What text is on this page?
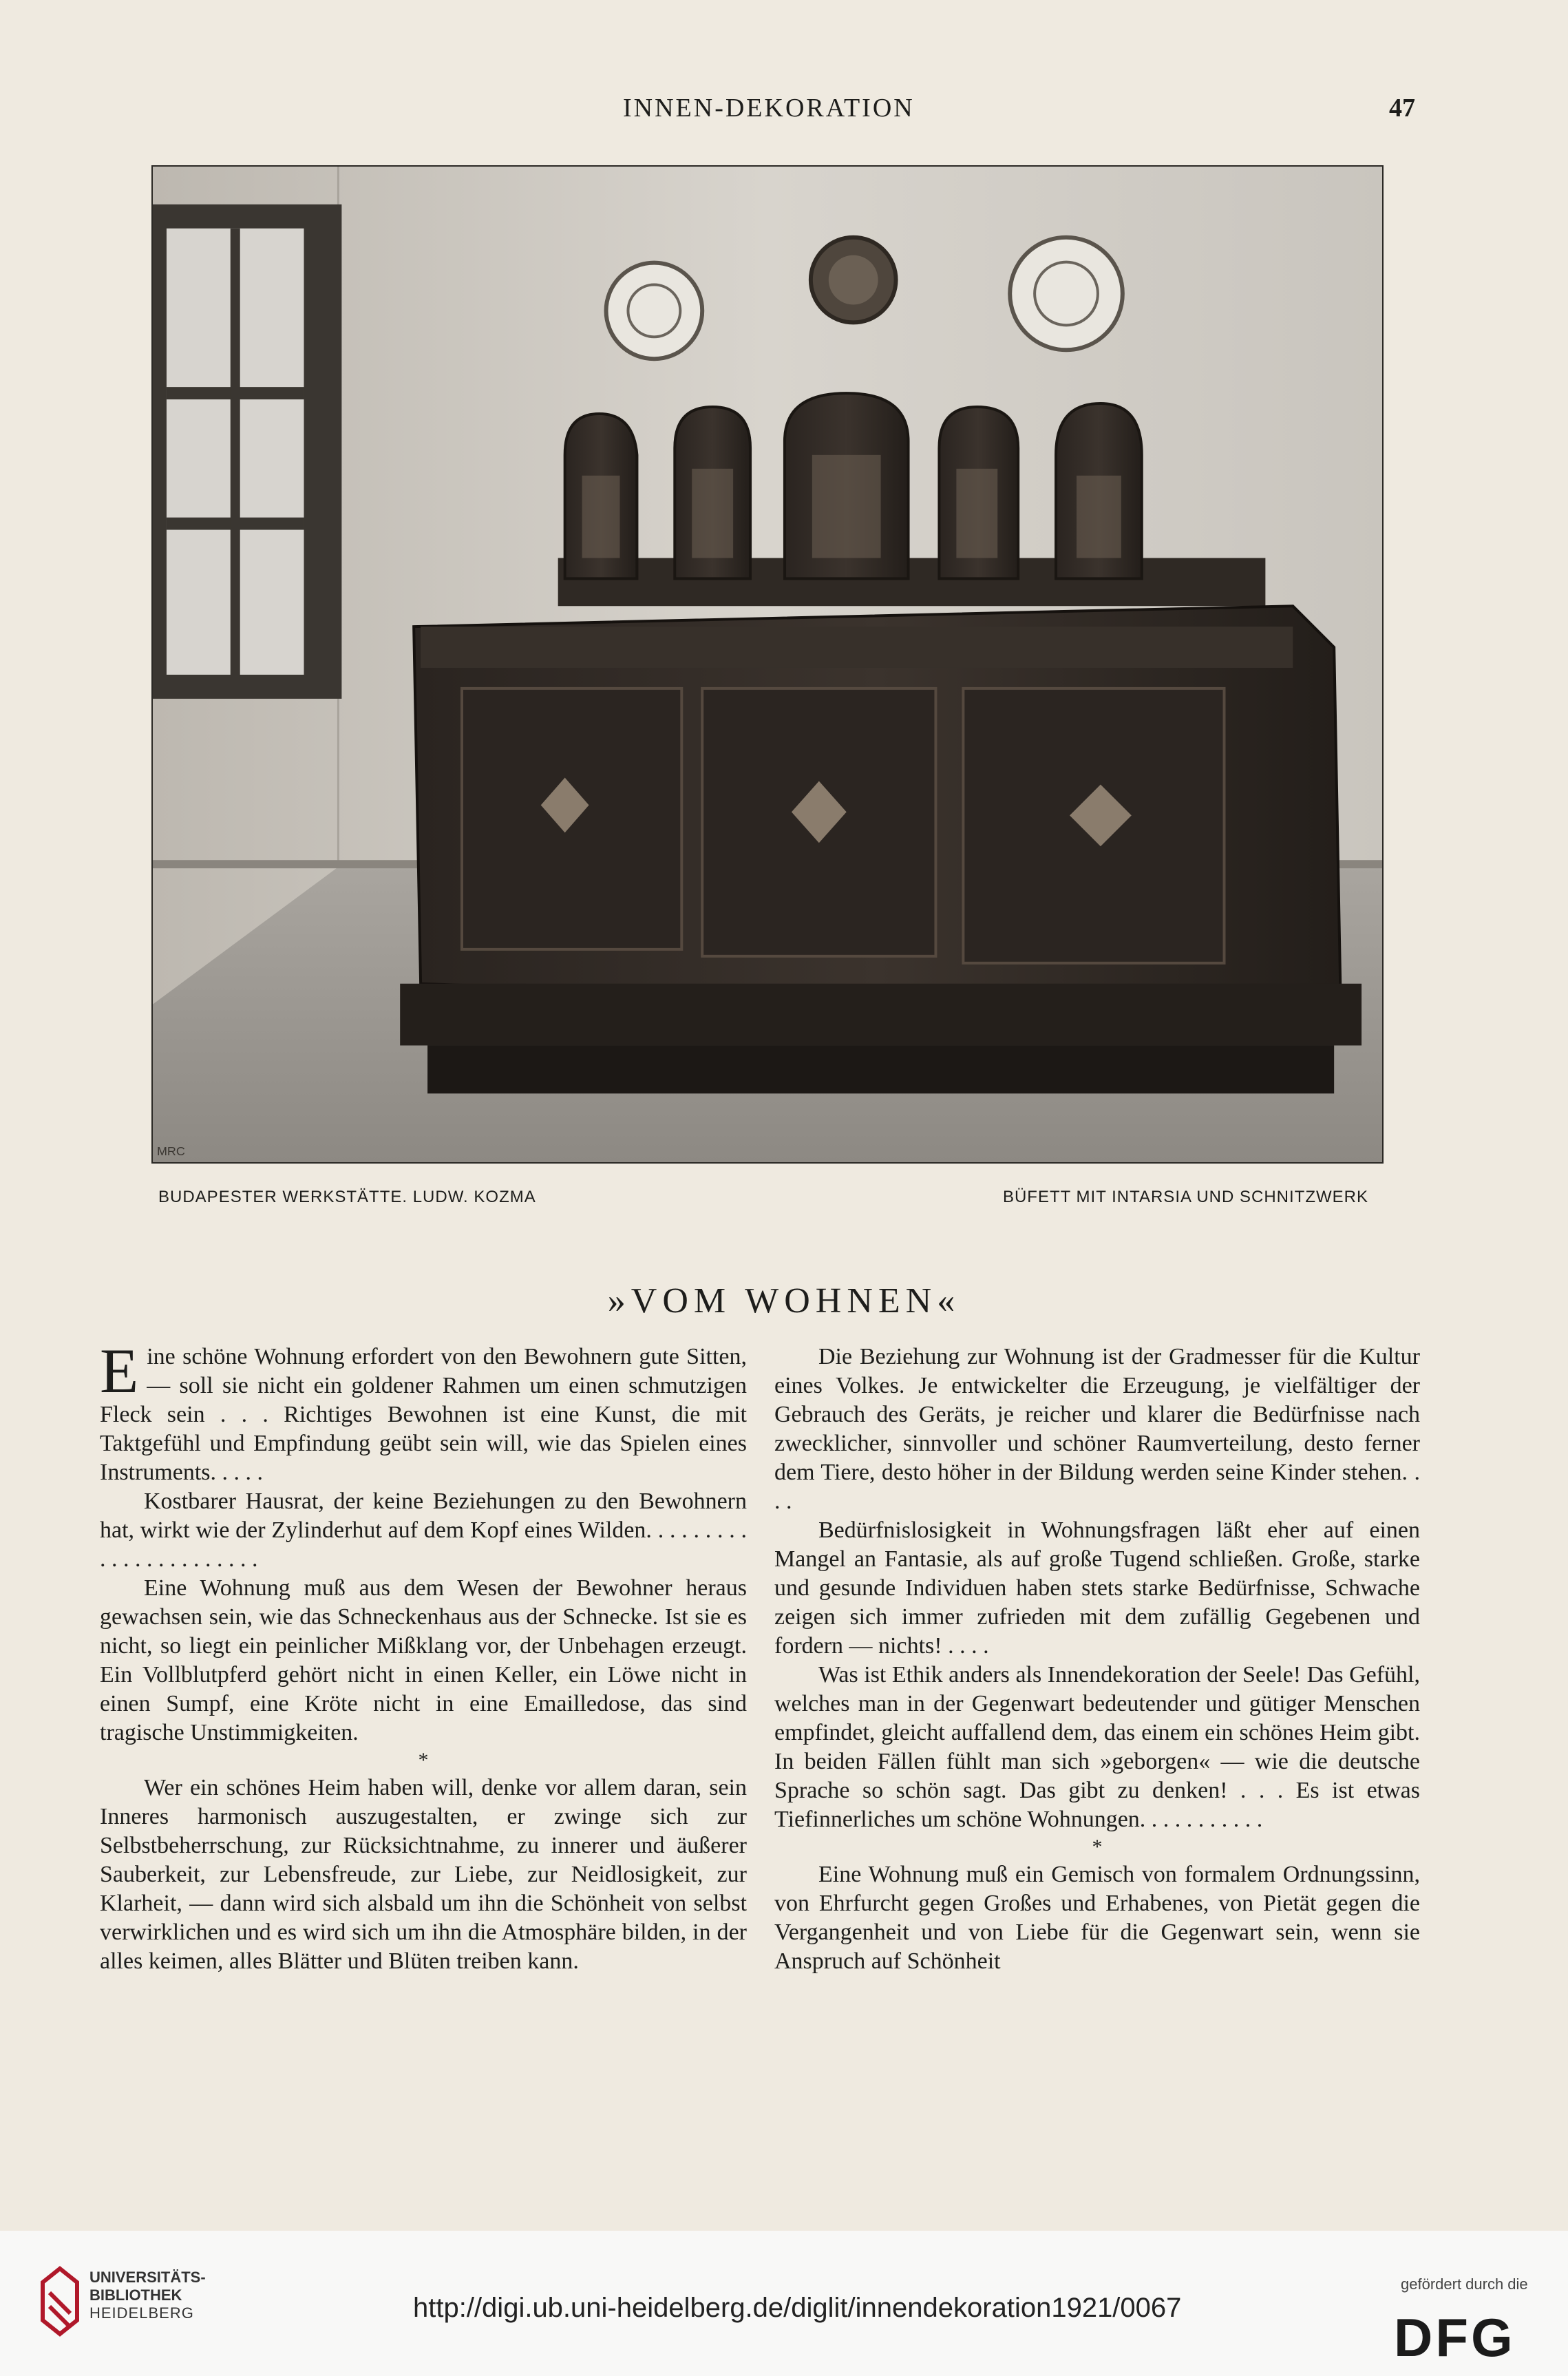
INNEN-DEKORATION	47
MRC
BUDAPESTER WERKSTÄTTE. LUDW. KOZMA	BÜFETT MIT INTARSIA UND SCHNITZWERK
»VOM WOHNEN«

Eine schöne Wohnung erfordert von den Bewohnern gute Sitten, — soll sie nicht ein goldener Rahmen um einen schmutzigen Fleck sein . . . Richtiges Bewohnen ist eine Kunst, die mit Taktgefühl und Empfindung geübt sein will, wie das Spielen eines Instruments. . . . .

Kostbarer Hausrat, der keine Beziehungen zu den Bewohnern hat, wirkt wie der Zylinderhut auf dem Kopf eines Wilden. . . . . . . . . . . . . . . . . . . . . . .

Eine Wohnung muß aus dem Wesen der Bewohner heraus gewachsen sein, wie das Schneckenhaus aus der Schnecke. Ist sie es nicht, so liegt ein peinlicher Mißklang vor, der Unbehagen erzeugt. Ein Vollblutpferd gehört nicht in einen Keller, ein Löwe nicht in einen Sumpf, eine Kröte nicht in eine Emailledose, das sind tragische Unstimmigkeiten.

*

Wer ein schönes Heim haben will, denke vor allem daran, sein Inneres harmonisch auszugestalten, er zwinge sich zur Selbstbeherrschung, zur Rücksichtnahme, zu innerer und äußerer Sauberkeit, zur Lebensfreude, zur Liebe, zur Neidlosigkeit, zur Klarheit, — dann wird sich alsbald um ihn die Schönheit von selbst verwirklichen und es wird sich um ihn die Atmosphäre bilden, in der alles keimen, alles Blätter und Blüten treiben kann.

Die Beziehung zur Wohnung ist der Gradmesser für die Kultur eines Volkes. Je entwickelter die Erzeugung, je vielfältiger der Gebrauch des Geräts, je reicher und klarer die Bedürfnisse nach zwecklicher, sinnvoller und schöner Raumverteilung, desto ferner dem Tiere, desto höher in der Bildung werden seine Kinder stehen. . . .

Bedürfnislosigkeit in Wohnungsfragen läßt eher auf einen Mangel an Fantasie, als auf große Tugend schließen. Große, starke und gesunde Individuen haben stets starke Bedürfnisse, Schwache zeigen sich immer zufrieden mit dem zufällig Gegebenen und fordern — nichts! . . . .

Was ist Ethik anders als Innendekoration der Seele! Das Gefühl, welches man in der Gegenwart bedeutender und gütiger Menschen empfindet, gleicht auffallend dem, das einem ein schönes Heim gibt. In beiden Fällen fühlt man sich »geborgen« — wie die deutsche Sprache so schön sagt. Das gibt zu denken! . . . Es ist etwas Tiefinnerliches um schöne Wohnungen. . . . . . . . . . .

*

Eine Wohnung muß ein Gemisch von formalem Ordnungssinn, von Ehrfurcht gegen Großes und Erhabenes, von Pietät gegen die Vergangenheit und von Liebe für die Gegenwart sein, wenn sie Anspruch auf Schönheit

UNIVERSITÄTS-
BIBLIOTHEK
HEIDELBERG	http://digi.ub.uni-heidelberg.de/diglit/innendekoration1921/0067
gefördert durch die
DFG
